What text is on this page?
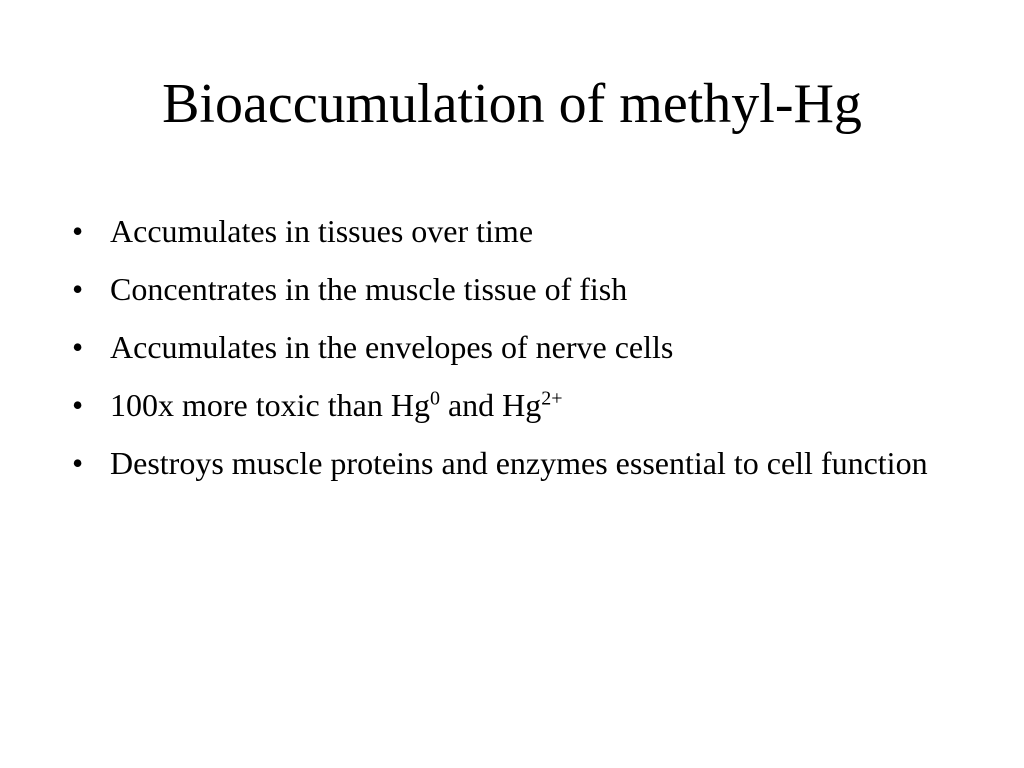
Bioaccumulation of methyl-Hg
• Accumulates in tissues over time
• Concentrates in the muscle tissue of fish
• Accumulates in the envelopes of nerve cells
• 100x more toxic than Hg$^0$ and $Hg^{2+}$
• Destroys muscle proteins and enzymes essential to cell function
